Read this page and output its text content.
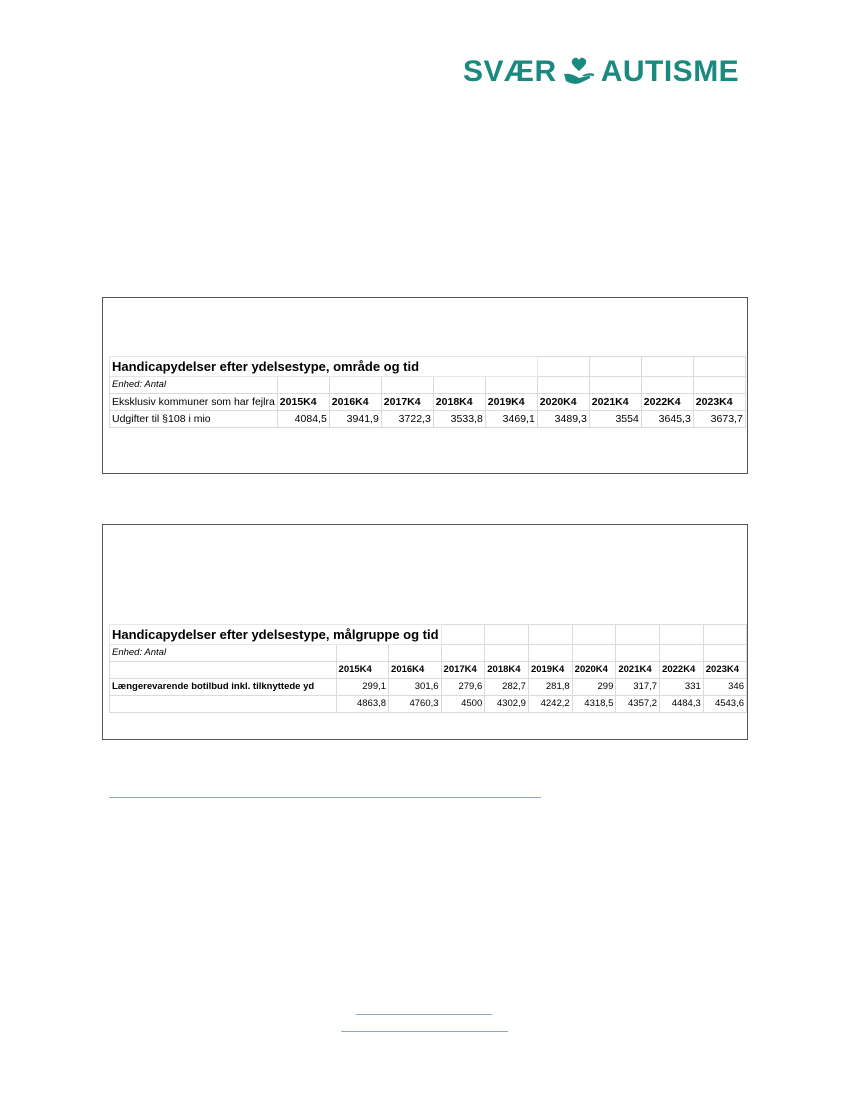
SVÆR AUTISME
Handicapydelser efter ydelsestype, område og tid									
Enhed: Antal									
Eksklusiv kommuner som har fejlra	2015K4	2016K4	2017K4	2018K4	2019K4	2020K4	2021K4	2022K4	2023K4
Udgifter til §108 i mio	4084,5	3941,9	3722,3	3533,8	3469,1	3489,3	3554	3645,3	3673,7
Handicapydelser efter ydelsestype, målgruppe og tid									
Enhed: Antal									
	2015K4	2016K4	2017K4	2018K4	2019K4	2020K4	2021K4	2022K4	2023K4
Længerevarende botilbud inkl. tilknyttede yd	299,1	301,6	279,6	282,7	281,8	299	317,7	331	346
	4863,8	4760,3	4500	4302,9	4242,2	4318,5	4357,2	4484,3	4543,6
